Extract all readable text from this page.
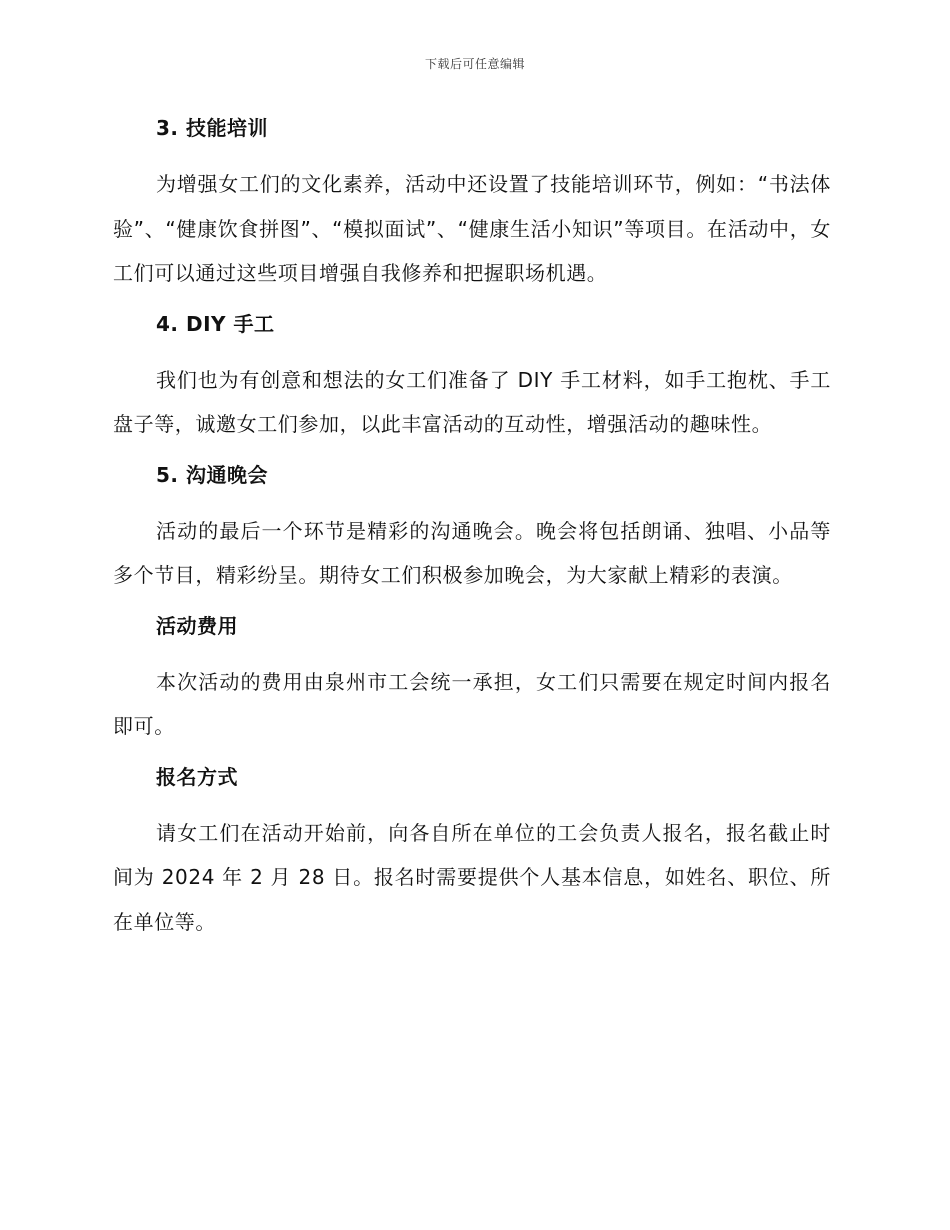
下载后可任意编辑
3. 技能培训

为增强女工们的文化素养，活动中还设置了技能培训环节，例如：“书法体验”、“健康饮食拼图”、“模拟面试”、“健康生活小知识”等项目。在活动中，女工们可以通过这些项目增强自我修养和把握职场机遇。

4. DIY 手工

我们也为有创意和想法的女工们准备了 DIY 手工材料，如手工抱枕、手工盘子等，诚邀女工们参加，以此丰富活动的互动性，增强活动的趣味性。

5. 沟通晚会

活动的最后一个环节是精彩的沟通晚会。晚会将包括朗诵、独唱、小品等多个节目，精彩纷呈。期待女工们积极参加晚会，为大家献上精彩的表演。

活动费用

本次活动的费用由泉州市工会统一承担，女工们只需要在规定时间内报名即可。

报名方式

请女工们在活动开始前，向各自所在单位的工会负责人报名，报名截止时间为 2024 年 2 月 28 日。报名时需要提供个人基本信息，如姓名、职位、所在单位等。
